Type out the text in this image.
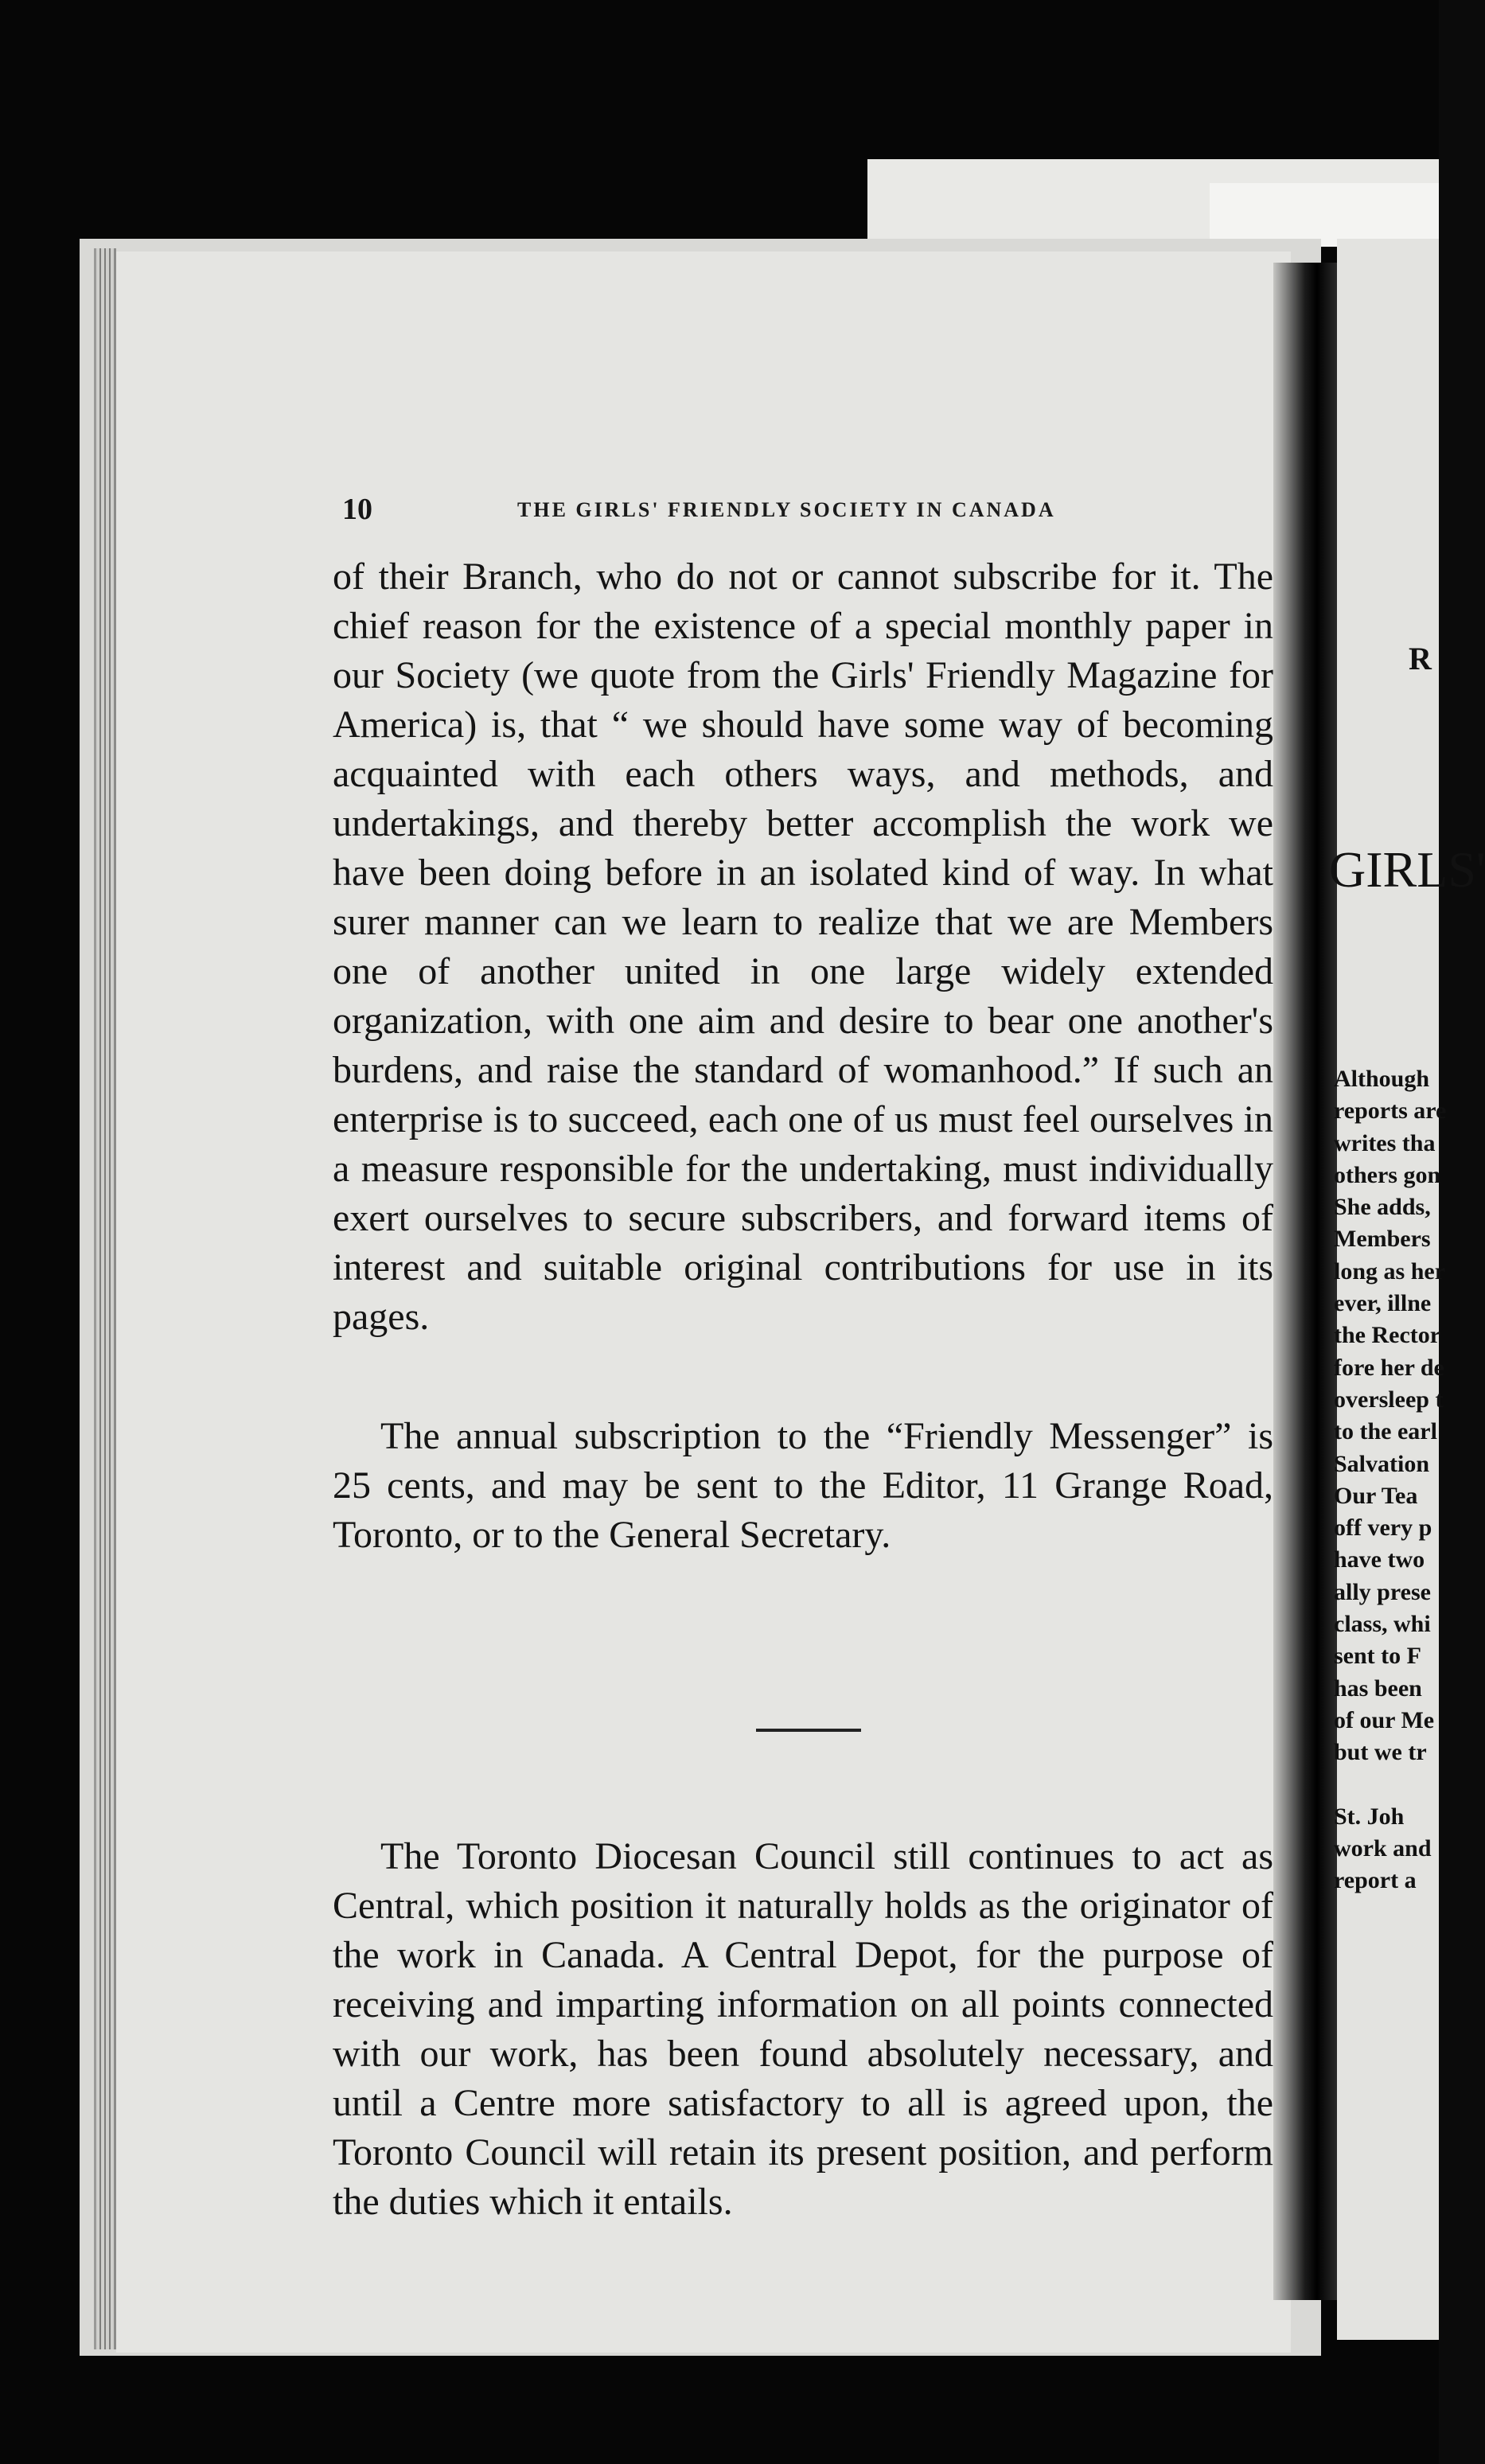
10	THE GIRLS' FRIENDLY SOCIETY IN CANADA
of their Branch, who do not or cannot subscribe for it. The chief reason for the existence of a special monthly paper in our Society (we quote from the Girls' Friendly Magazine for America) is, that “ we should have some way of becoming acquainted with each others ways, and methods, and undertakings, and thereby better accomplish the work we have been doing before in an isolated kind of way. In what surer manner can we learn to realize that we are Members one of another united in one large widely extended organization, with one aim and desire to bear one another's burdens, and raise the standard of womanhood.” If such an enterprise is to succeed, each one of us must feel ourselves in a measure responsible for the undertaking, must individually exert ourselves to secure subscribers, and forward items of interest and suitable original contributions for use in its pages.
The annual subscription to the “Friendly Messenger” is 25 cents, and may be sent to the Editor, 11 Grange Road, Toronto, or to the General Secretary.
The Toronto Diocesan Council still continues to act as Central, which position it naturally holds as the originator of the work in Canada. A Central Depot, for the purpose of receiving and imparting information on all points connected with our work, has been found absolutely necessary, and until a Centre more satisfactory to all is agreed upon, the Toronto Council will retain its present position, and perform the duties which it entails.
R
GIRLS'
Although
reports are
writes tha
others gon
She adds,
Members
long as her
ever, illne
the Rector
fore her de
oversleep t
to the earl
Salvation
Our Tea
off very p
have two
ally prese
class, whi
sent to F
has been
of our Me
but we tr
St. Joh
work and
report a
